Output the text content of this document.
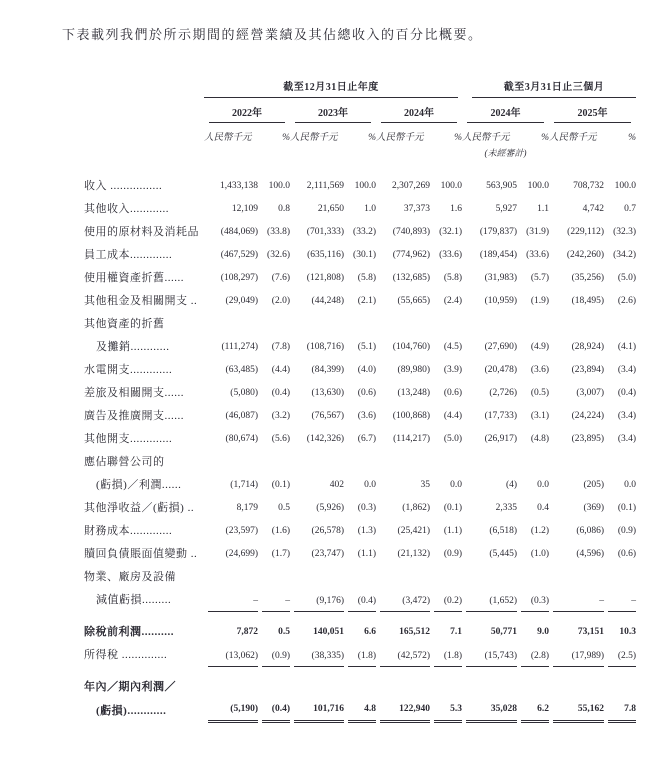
下表載列我們於所示期間的經營業績及其佔總收入的百分比概要。

	截至12月31日止年度						截至3月31日止三個月			

	2022年		2023年		2024年		2024年		2025年	

	人民幣千元	%	人民幣千元	%	人民幣千元	%	人民幣千元	%	人民幣千元	%
							(未經審計)			

收入 ................	1,433,138	100.0	2,111,569	100.0	2,307,269	100.0	563,905	100.0	708,732	100.0
其他收入............	12,109	0.8	21,650	1.0	37,373	1.6	5,927	1.1	4,742	0.7
使用的原材料及消耗品	(484,069)	(33.8)	(701,333)	(33.2)	(740,893)	(32.1)	(179,837)	(31.9)	(229,112)	(32.3)
員工成本.............	(467,529)	(32.6)	(635,116)	(30.1)	(774,962)	(33.6)	(189,454)	(33.6)	(242,260)	(34.2)
使用權資產折舊......	(108,297)	(7.6)	(121,808)	(5.8)	(132,685)	(5.8)	(31,983)	(5.7)	(35,256)	(5.0)
其他租金及相關開支 ..	(29,049)	(2.0)	(44,248)	(2.1)	(55,665)	(2.4)	(10,959)	(1.9)	(18,495)	(2.6)
其他資產的折舊										
及攤銷............	(111,274)	(7.8)	(108,716)	(5.1)	(104,760)	(4.5)	(27,690)	(4.9)	(28,924)	(4.1)
水電開支.............	(63,485)	(4.4)	(84,399)	(4.0)	(89,980)	(3.9)	(20,478)	(3.6)	(23,894)	(3.4)
差旅及相關開支......	(5,080)	(0.4)	(13,630)	(0.6)	(13,248)	(0.6)	(2,726)	(0.5)	(3,007)	(0.4)
廣告及推廣開支......	(46,087)	(3.2)	(76,567)	(3.6)	(100,868)	(4.4)	(17,733)	(3.1)	(24,224)	(3.4)
其他開支.............	(80,674)	(5.6)	(142,326)	(6.7)	(114,217)	(5.0)	(26,917)	(4.8)	(23,895)	(3.4)
應佔聯營公司的										
(虧損)／利潤......	(1,714)	(0.1)	402	0.0	35	0.0	(4)	0.0	(205)	0.0
其他淨收益／(虧損) ..	8,179	0.5	(5,926)	(0.3)	(1,862)	(0.1)	2,335	0.4	(369)	(0.1)
財務成本.............	(23,597)	(1.6)	(26,578)	(1.3)	(25,421)	(1.1)	(6,518)	(1.2)	(6,086)	(0.9)
贖回負債賬面值變動 ..	(24,699)	(1.7)	(23,747)	(1.1)	(21,132)	(0.9)	(5,445)	(1.0)	(4,596)	(0.6)
物業、廠房及設備										
減值虧損.........	–	–	(9,176)	(0.4)	(3,472)	(0.2)	(1,652)	(0.3)	–	–

除稅前利潤..........	7,872	0.5	140,051	6.6	165,512	7.1	50,771	9.0	73,151	10.3
所得稅 ..............	(13,062)	(0.9)	(38,335)	(1.8)	(42,572)	(1.8)	(15,743)	(2.8)	(17,989)	(2.5)

年內／期內利潤／										
(虧損)............	(5,190)	(0.4)	101,716	4.8	122,940	5.3	35,028	6.2	55,162	7.8
